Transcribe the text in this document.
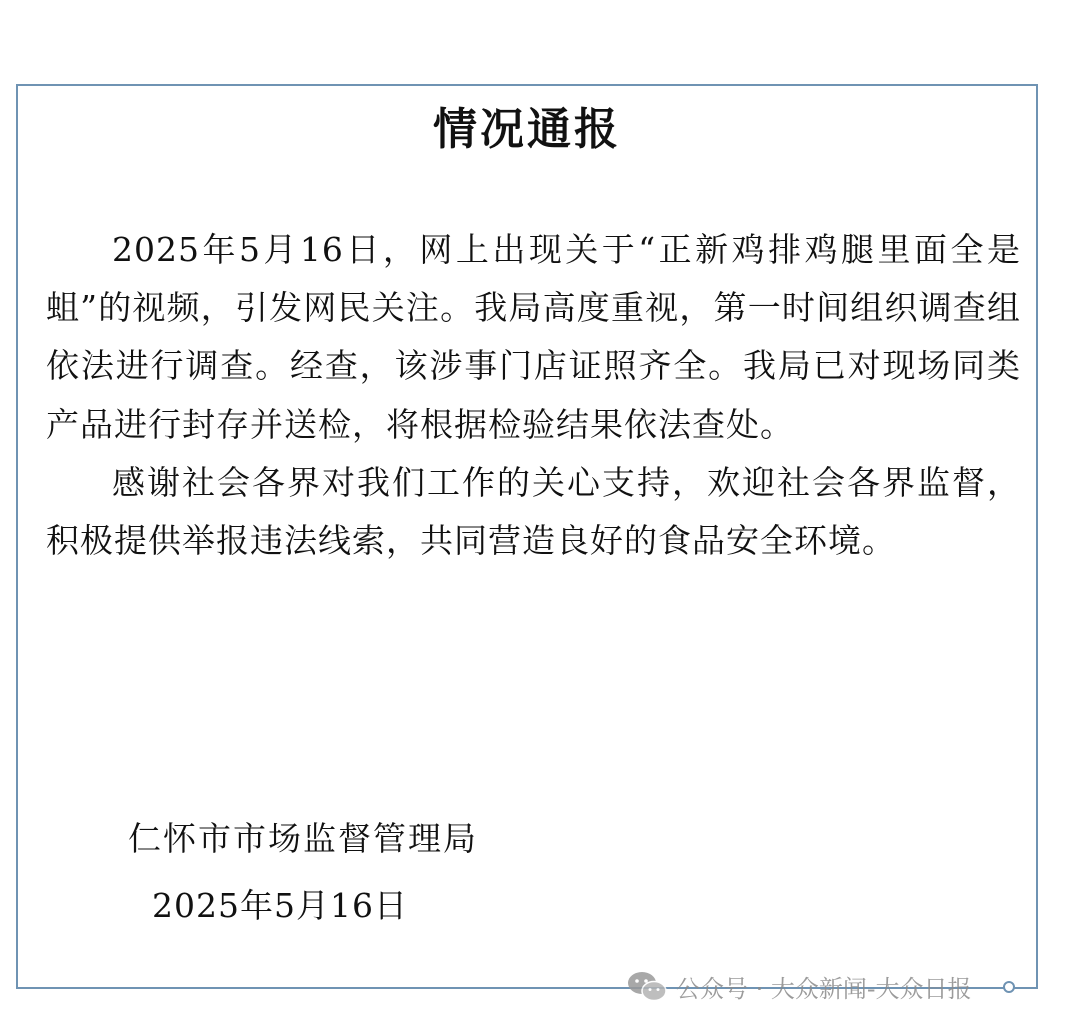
情况通报

2025年5月16日，网上出现关于“正新鸡排鸡腿里面全是蛆”的视频，引发网民关注。我局高度重视，第一时间组织调查组依法进行调查。经查，该涉事门店证照齐全。我局已对现场同类产品进行封存并送检，将根据检验结果依法查处。

感谢社会各界对我们工作的关心支持，欢迎社会各界监督，积极提供举报违法线索，共同营造良好的食品安全环境。

仁怀市市场监督管理局
2025年5月16日
公众号 · 大众新闻-大众日报
